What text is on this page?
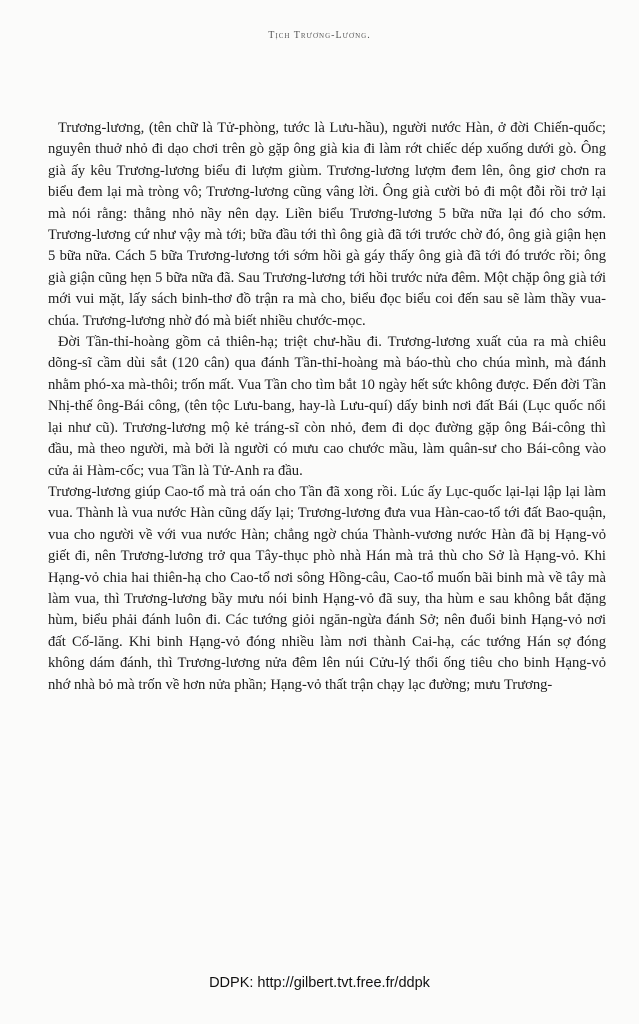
Tịch Trương-Lương.

Trương-lương, (tên chữ là Tử-phòng, tước là Lưu-hầu), người nước Hàn, ở đời Chiến-quốc; nguyên thuở nhỏ đi dạo chơi trên gò gặp ông già kia đi làm rớt chiếc dép xuống dưới gò. Ông già ấy kêu Trương-lương biểu đi lượm giùm. Trương-lương lượm đem lên, ông giơ chơn ra biểu đem lại mà tròng vô; Trương-lương cũng vâng lời. Ông già cười bỏ đi một đỗi rồi trở lại mà nói rằng: thằng nhỏ nầy nên dạy. Liền biểu Trương-lương 5 bữa nữa lại đó cho sớm. Trương-lương cứ như vậy mà tới; bữa đầu tới thì ông già đã tới trước chờ đó, ông già giận hẹn 5 bữa nữa. Cách 5 bữa Trương-lương tới sớm hồi gà gáy thấy ông già đã tới đó trước rồi; ông già giận cũng hẹn 5 bữa nữa đã. Sau Trương-lương tới hồi trước nửa đêm. Một chặp ông già tới mới vui mặt, lấy sách binh-thơ đồ trận ra mà cho, biểu đọc biểu coi đến sau sẽ làm thầy vua-chúa. Trương-lương nhờ đó mà biết nhiều chước-mọc.

Đời Tần-thỉ-hoàng gồm cả thiên-hạ; triệt chư-hầu đi. Trương-lương xuất của ra mà chiêu dõng-sĩ cầm dùi sắt (120 cân) qua đánh Tần-thỉ-hoàng mà báo-thù cho chúa mình, mà đánh nhằm phó-xa mà-thôi; trốn mất. Vua Tần cho tìm bắt 10 ngày hết sức không được. Đến đời Tần Nhị-thế ông-Bái công, (tên tộc Lưu-bang, hay-là Lưu-quí) dấy binh nơi đất Bái (Lục quốc nổi lại như cũ). Trương-lương mộ kẻ tráng-sĩ còn nhỏ, đem đi dọc đường gặp ông Bái-công thì đầu, mà theo người, mà bởi là người có mưu cao chước mầu, làm quân-sư cho Bái-công vào cửa ải Hàm-cốc; vua Tần là Tử-Anh ra đầu.

Trương-lương giúp Cao-tổ mà trả oán cho Tần đã xong rồi. Lúc ấy Lục-quốc lại-lại lập lại làm vua. Thành là vua nước Hàn cũng dấy lại; Trương-lương đưa vua Hàn-cao-tổ tới đất Bao-quận, vua cho người về với vua nước Hàn; chẳng ngờ chúa Thành-vương nước Hàn đã bị Hạng-vỏ giết đi, nên Trương-lương trở qua Tây-thục phò nhà Hán mà trả thù cho Sở là Hạng-vỏ. Khi Hạng-vỏ chia hai thiên-hạ cho Cao-tổ nơi sông Hồng-câu, Cao-tổ muốn bãi binh mà về tây mà làm vua, thì Trương-lương bầy mưu nói binh Hạng-vỏ đã suy, tha hùm e sau không bắt đặng hùm, biểu phải đánh luôn đi. Các tướng giỏi ngăn-ngừa đánh Sở; nên đuổi binh Hạng-vỏ nơi đất Cố-lăng. Khi binh Hạng-vỏ đóng nhiều làm nơi thành Cai-hạ, các tướng Hán sợ đóng không dám đánh, thì Trương-lương nửa đêm lên núi Cửu-lý thổi ống tiêu cho binh Hạng-vỏ nhớ nhà bỏ mà trốn về hơn nửa phần; Hạng-vỏ thất trận chạy lạc đường; mưu Trương-

DDPK: http://gilbert.tvt.free.fr/ddpk
